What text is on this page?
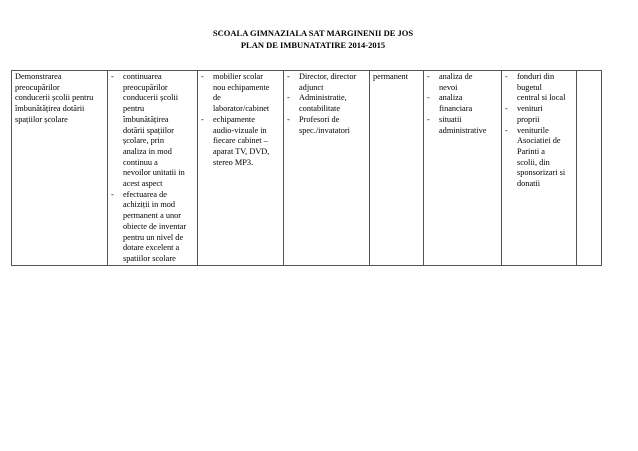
SCOALA GIMNAZIALA SAT MARGINENII DE JOS
PLAN DE IMBUNATATIRE 2014-2015
Demonstrarea
preocupărilor
conducerii școlii pentru
îmbunătățirea dotării
spațiilor școlare

- continuarea
preocupărilor
conducerii școlii
pentru
îmbunătățirea
dotării spațiilor
școlare, prin
analiza in mod
continuu a
nevoilor unitatii in
acest aspect
- efectuarea de
achiziții in mod
permanent a unor
obiecte de inventar
pentru un nivel de
dotare excelent a
spatiilor scolare

- mobilier scolar
nou echipamente
de
laborator/cabinet
- echipamente
audio-vizuale in
fiecare cabinet –
aparat TV, DVD,
stereo MP3.

- Director, director
adjunct
- Administratie,
contabilitate
- Profesori de
spec./invatatori

permanent

-analiza de
nevoi
- analiza
financiara
- situatii
administrative

- fonduri din
bugetul
central si local
- venituri
proprii
- veniturile
Asociatiei de
Parinti a
scolii, din
sponsorizari si
donatii
